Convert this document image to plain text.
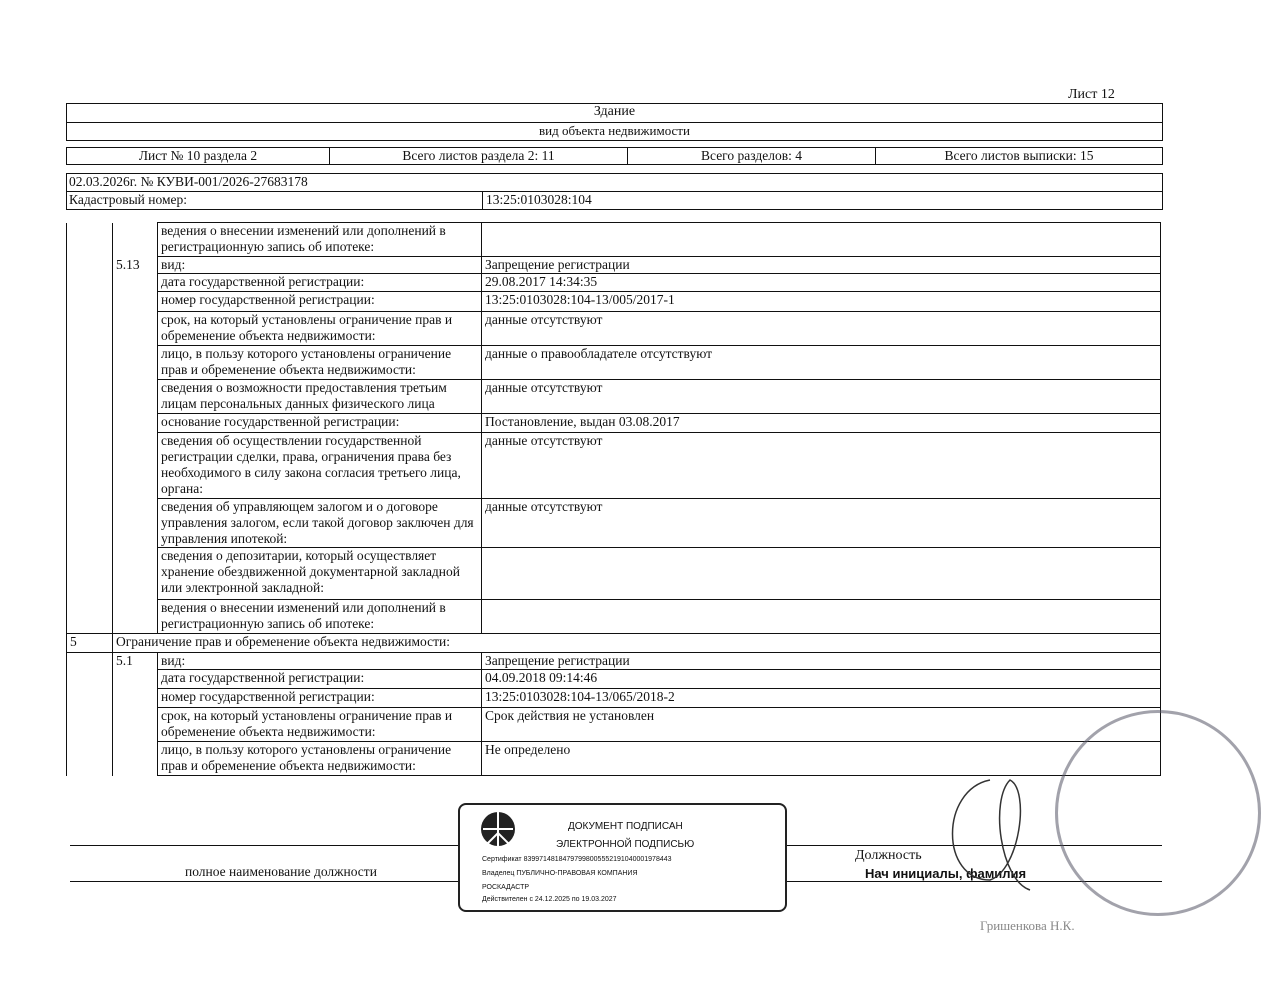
Лист 12
Здание
вид объекта недвижимости
Лист № 10 раздела 2	Всего листов раздела 2: 11	Всего разделов: 4	Всего листов выписки: 15
02.03.2026г. № КУВИ-001/2026-27683178
Кадастровый номер:	13:25:0103028:104
		ведения о внесении изменений или дополнений в регистрационную запись об ипотеке:	
	5.13	вид:	Запрещение регистрации
		дата государственной регистрации:	29.08.2017 14:34:35
		номер государственной регистрации:	13:25:0103028:104-13/005/2017-1
		срок, на который установлены ограничение прав и обременение объекта недвижимости:	данные отсутствуют
		лицо, в пользу которого установлены ограничение прав и обременение объекта недвижимости:	данные о правообладателе отсутствуют
		сведения о возможности предоставления третьим лицам персональных данных физического лица	данные отсутствуют
		основание государственной регистрации:	Постановление, выдан 03.08.2017
		сведения об осуществлении государственной регистрации сделки, права, ограничения права без необходимого в силу закона согласия третьего лица, органа:	данные отсутствуют
		сведения об управляющем залогом и о договоре управления залогом, если такой договор заключен для управления ипотекой:	данные отсутствуют
		сведения о депозитарии, который осуществляет хранение обездвиженной документарной закладной или электронной закладной:	
		ведения о внесении изменений или дополнений в регистрационную запись об ипотеке:	
5	Ограничение прав и обременение объекта недвижимости:		
	5.1	вид:	Запрещение регистрации
		дата государственной регистрации:	04.09.2018 09:14:46
		номер государственной регистрации:	13:25:0103028:104-13/065/2018-2
		срок, на который установлены ограничение прав и обременение объекта недвижимости:	Срок действия не установлен
		лицо, в пользу которого установлены ограничение прав и обременение объекта недвижимости:	Не определено
полное наименование должности
Должность
Нач инициалы, фамилия
Гришенкова Н.К.
ДОКУМЕНТ ПОДПИСАН
ЭЛЕКТРОННОЙ ПОДПИСЬЮ
Сертификат 83997148184797998005552191040001978443
Владелец ПУБЛИЧНО-ПРАВОВАЯ КОМПАНИЯ
РОСКАДАСТР
Действителен с 24.12.2025 по 19.03.2027
